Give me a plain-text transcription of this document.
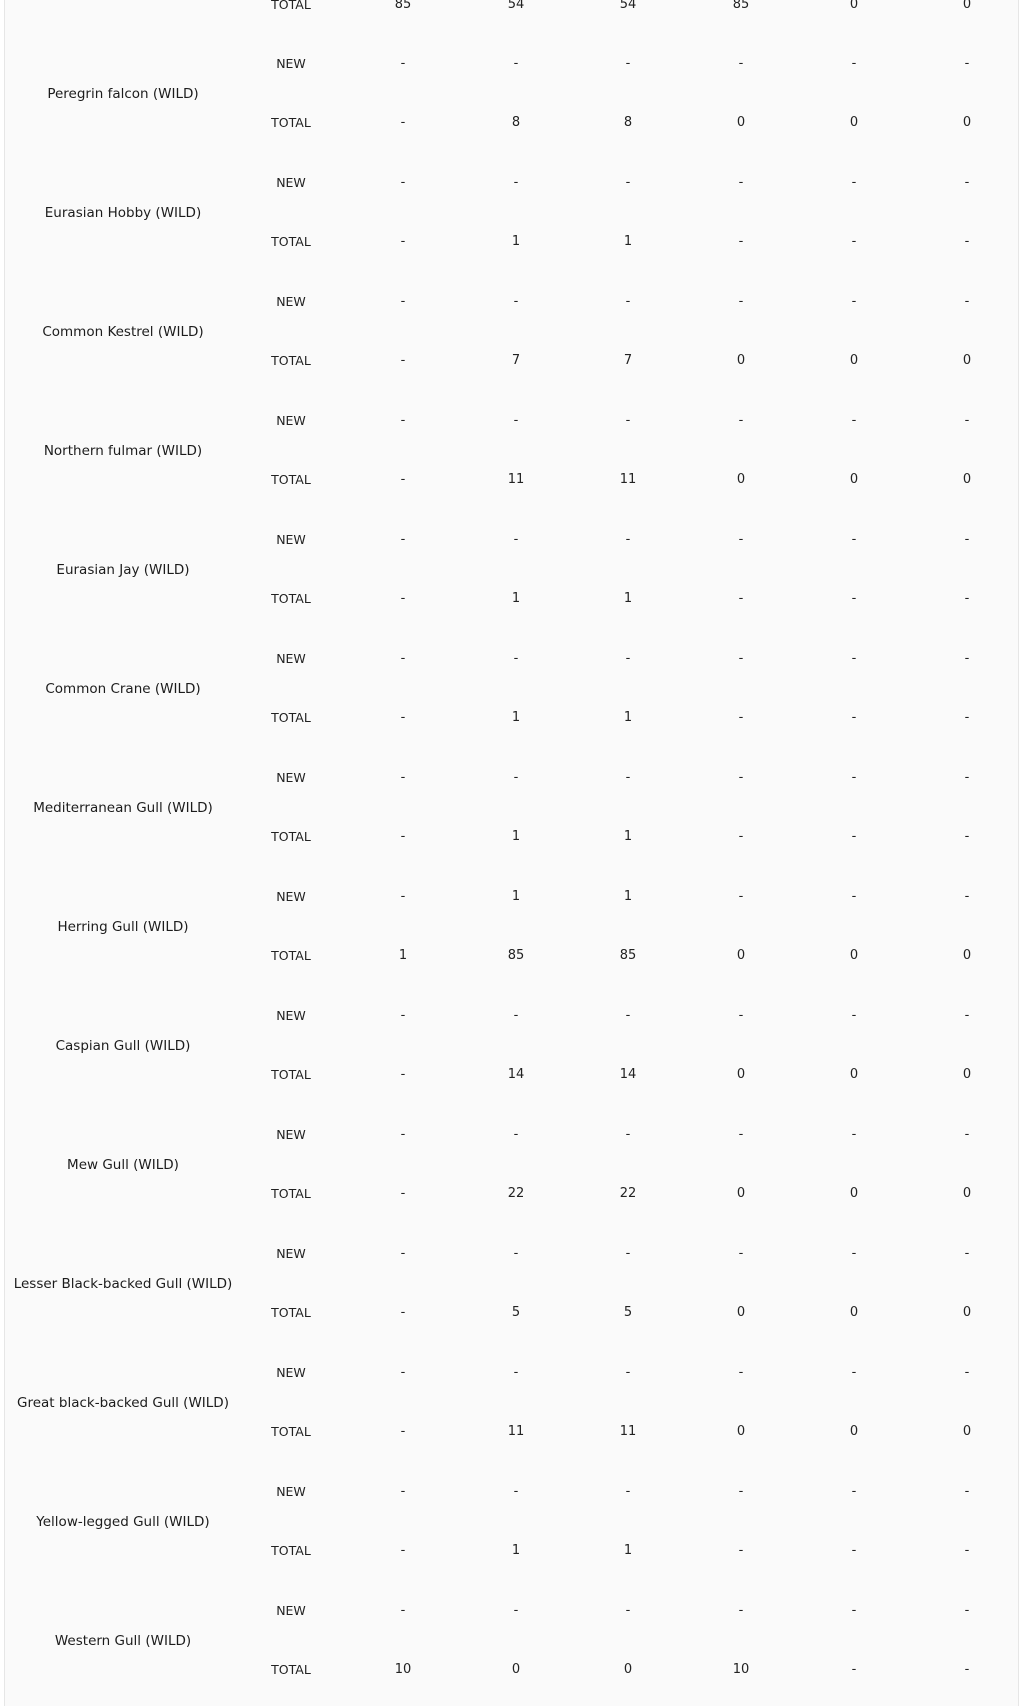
TOTAL	85	54	54	85	0	0
Peregrin falcon (WILD)
NEW	-	-	-	-	-	-
TOTAL	-	8	8	0	0	0
Eurasian Hobby (WILD)
NEW	-	-	-	-	-	-
TOTAL	-	1	1	-	-	-
Common Kestrel (WILD)
NEW	-	-	-	-	-	-
TOTAL	-	7	7	0	0	0
Northern fulmar (WILD)
NEW	-	-	-	-	-	-
TOTAL	-	11	11	0	0	0
Eurasian Jay (WILD)
NEW	-	-	-	-	-	-
TOTAL	-	1	1	-	-	-
Common Crane (WILD)
NEW	-	-	-	-	-	-
TOTAL	-	1	1	-	-	-
Mediterranean Gull (WILD)
NEW	-	-	-	-	-	-
TOTAL	-	1	1	-	-	-
Herring Gull (WILD)
NEW	-	1	1	-	-	-
TOTAL	1	85	85	0	0	0
Caspian Gull (WILD)
NEW	-	-	-	-	-	-
TOTAL	-	14	14	0	0	0
Mew Gull (WILD)
NEW	-	-	-	-	-	-
TOTAL	-	22	22	0	0	0
Lesser Black-backed Gull (WILD)
NEW	-	-	-	-	-	-
TOTAL	-	5	5	0	0	0
Great black-backed Gull (WILD)
NEW	-	-	-	-	-	-
TOTAL	-	11	11	0	0	0
Yellow-legged Gull (WILD)
NEW	-	-	-	-	-	-
TOTAL	-	1	1	-	-	-
Western Gull (WILD)
NEW	-	-	-	-	-	-
TOTAL	10	0	0	10	-	-
